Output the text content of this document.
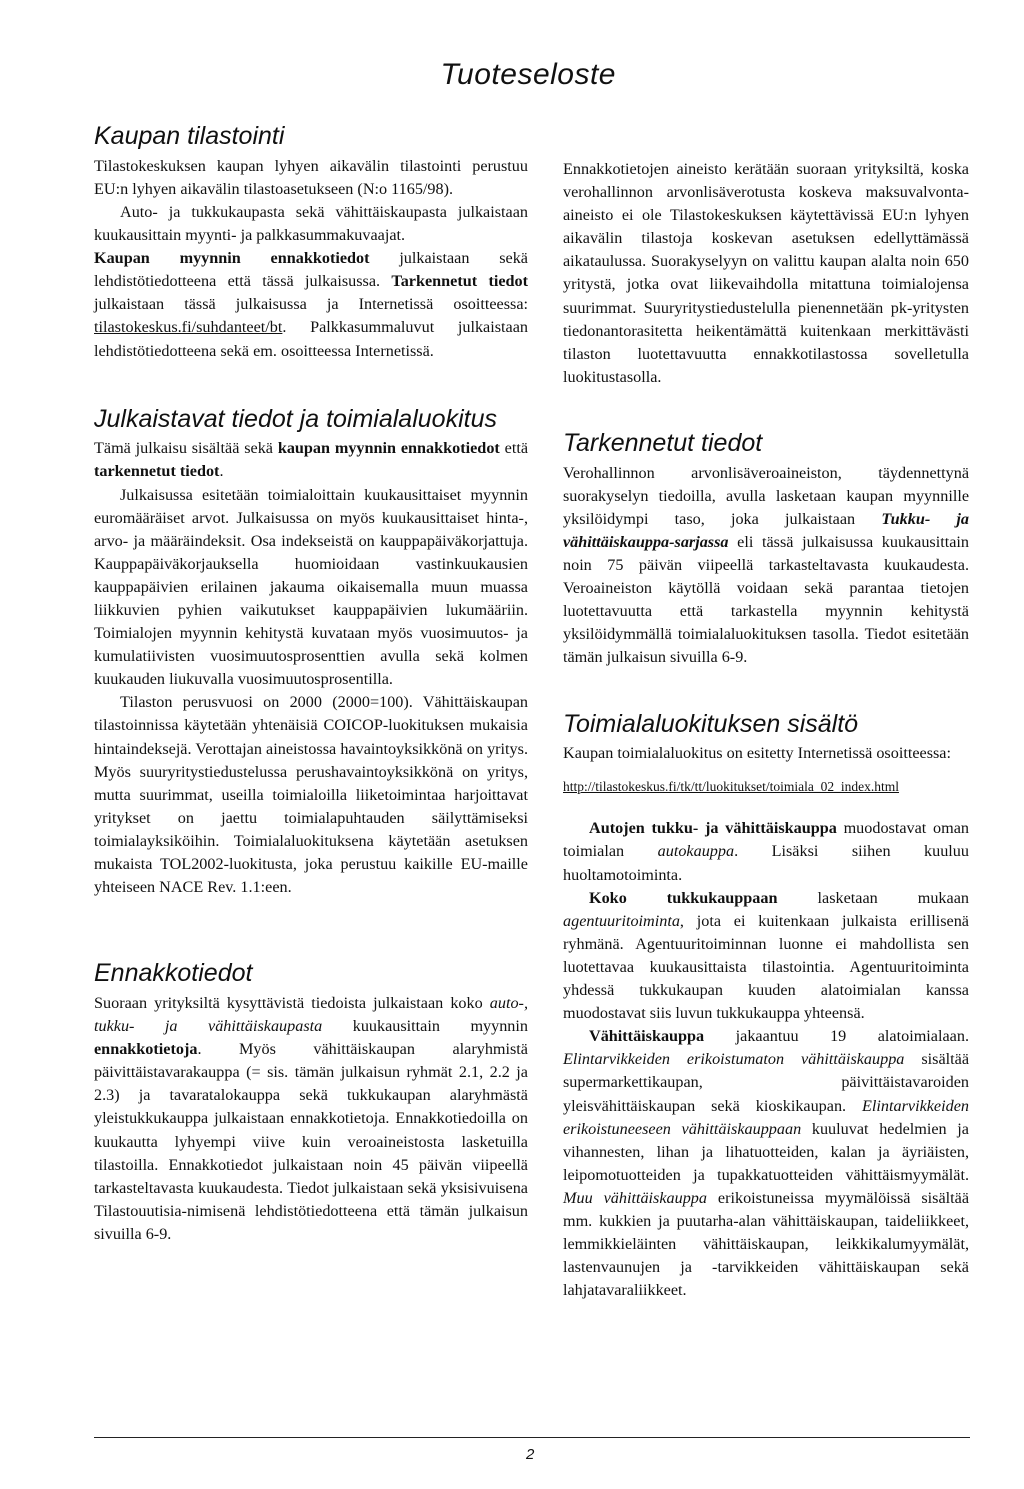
Tuoteseloste
Kaupan tilastointi

Tilastokeskuksen kaupan lyhyen aikavälin tilastointi perustuu EU:n lyhyen aikavälin tilastoasetukseen (N:o 1165/98).

Auto- ja tukkukaupasta sekä vähittäiskaupasta julkaistaan kuukausittain myynti- ja palkkasummakuvaajat.

Kaupan myynnin ennakkotiedot julkaistaan sekä lehdistötiedotteena että tässä julkaisussa. Tarkennetut tiedot julkaistaan tässä julkaisussa ja Internetissä osoitteessa: tilastokeskus.fi/suhdanteet/bt. Palkkasummaluvut julkaistaan lehdistötiedotteena sekä em. osoitteessa Internetissä.

Julkaistavat tiedot ja toimialaluokitus

Tämä julkaisu sisältää sekä kaupan myynnin ennakkotiedot että tarkennetut tiedot.

Julkaisussa esitetään toimialoittain kuukausittaiset myynnin euromääräiset arvot. Julkaisussa on myös kuukausittaiset hinta-, arvo- ja määräindeksit. Osa indekseistä on kauppapäiväkorjattuja. Kauppapäiväkorjauksella huomioidaan vastinkuukausien kauppapäivien erilainen jakauma oikaisemalla muun muassa liikkuvien pyhien vaikutukset kauppapäivien lukumääriin. Toimialojen myynnin kehitystä kuvataan myös vuosimuutos- ja kumulatiivisten vuosimuutosprosenttien avulla sekä kolmen kuukauden liukuvalla vuosimuutosprosentilla.

Tilaston perusvuosi on 2000 (2000=100). Vähittäiskaupan tilastoinnissa käytetään yhtenäisiä COICOP-luokituksen mukaisia hintaindeksejä. Verottajan aineistossa havaintoyksikkönä on yritys. Myös suuryritystiedustelussa perushavaintoyksikkönä on yritys, mutta suurimmat, useilla toimialoilla liiketoimintaa harjoittavat yritykset on jaettu toimialapuhtauden säilyttämiseksi toimialayksiköihin. Toimialaluokituksena käytetään asetuksen mukaista TOL2002-luokitusta, joka perustuu kaikille EU-maille yhteiseen NACE Rev. 1.1:een.

Ennakkotiedot

Suoraan yrityksiltä kysyttävistä tiedoista julkaistaan koko auto-, tukku- ja vähittäiskaupasta kuukausittain myynnin ennakkotietoja. Myös vähittäiskaupan alaryhmistä päivittäistavarakauppa (= sis. tämän julkaisun ryhmät 2.1, 2.2 ja 2.3) ja tavaratalokauppa sekä tukkukaupan alaryhmästä yleistukkukauppa julkaistaan ennakkotietoja. Ennakkotiedoilla on kuukautta lyhyempi viive kuin veroaineistosta lasketuilla tilastoilla. Ennakkotiedot julkaistaan noin 45 päivän viipeellä tarkasteltavasta kuukaudesta. Tiedot julkaistaan sekä yksisivuisena Tilastouutisia-nimisenä lehdistötiedotteena että tämän julkaisun sivuilla 6-9.

Ennakkotietojen aineisto kerätään suoraan yrityksiltä, koska verohallinnon arvonlisäverotusta koskeva maksuvalvonta-aineisto ei ole Tilastokeskuksen käytettävissä EU:n lyhyen aikavälin tilastoja koskevan asetuksen edellyttämässä aikataulussa. Suorakyselyyn on valittu kaupan alalta noin 650 yritystä, jotka ovat liikevaihdolla mitattuna toimialojensa suurimmat. Suuryritystiedustelulla pienennetään pk-yritysten tiedonantorasitetta heikentämättä kuitenkaan merkittävästi tilaston luotettavuutta ennakkotilastossa sovelletulla luokitustasolla.

Tarkennetut tiedot

Verohallinnon arvonlisäveroaineiston, täydennettynä suorakyselyn tiedoilla, avulla lasketaan kaupan myynnille yksilöidympi taso, joka julkaistaan Tukku- ja vähittäiskauppa-sarjassa eli tässä julkaisussa kuukausittain noin 75 päivän viipeellä tarkasteltavasta kuukaudesta. Veroaineiston käytöllä voidaan sekä parantaa tietojen luotettavuutta että tarkastella myynnin kehitystä yksilöidymmällä toimialaluokituksen tasolla. Tiedot esitetään tämän julkaisun sivuilla 6-9.

Toimialaluokituksen sisältö

Kaupan toimialaluokitus on esitetty Internetissä osoitteessa:

http://tilastokeskus.fi/tk/tt/luokitukset/toimiala_02_index.html

Autojen tukku- ja vähittäiskauppa muodostavat oman toimialan autokauppa. Lisäksi siihen kuuluu huoltamotoiminta.

Koko tukkukauppaan lasketaan mukaan agentuuritoiminta, jota ei kuitenkaan julkaista erillisenä ryhmänä. Agentuuritoiminnan luonne ei mahdollista sen luotettavaa kuukausittaista tilastointia. Agentuuritoiminta yhdessä tukkukaupan kuuden alatoimialan kanssa muodostavat siis luvun tukkukauppa yhteensä.

Vähittäiskauppa jakaantuu 19 alatoimialaan. Elintarvikkeiden erikoistumaton vähittäiskauppa sisältää supermarkettikaupan, päivittäistavaroiden yleisvähittäiskaupan sekä kioskikaupan. Elintarvikkeiden erikoistuneeseen vähittäiskauppaan kuuluvat hedelmien ja vihannesten, lihan ja lihatuotteiden, kalan ja äyriäisten, leipomotuotteiden ja tupakkatuotteiden vähittäismyymälät. Muu vähittäiskauppa erikoistuneissa myymälöissä sisältää mm. kukkien ja puutarha-alan vähittäiskaupan, taideliikkeet, lemmikkieläinten vähittäiskaupan, leikkikalumyymälät, lastenvaunujen ja -tarvikkeiden vähittäiskaupan sekä lahjatavaraliikkeet.

2
